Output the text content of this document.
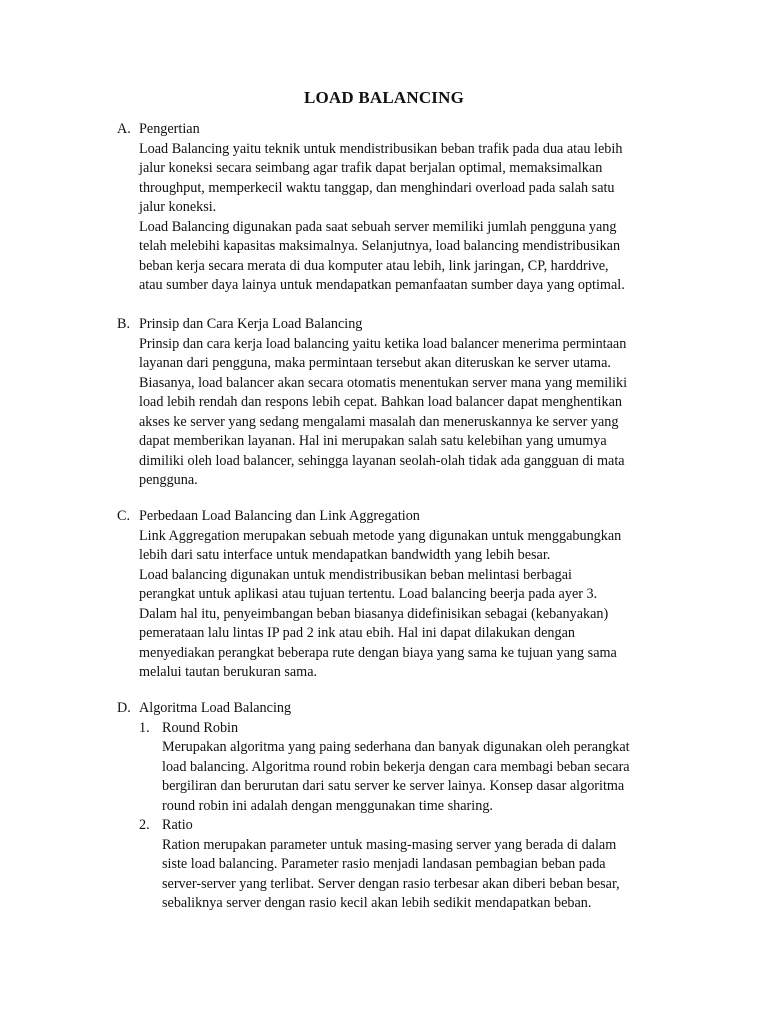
LOAD BALANCING
A. Pengertian
Load Balancing yaitu teknik untuk mendistribusikan beban trafik pada dua atau lebih
jalur koneksi secara seimbang agar trafik dapat berjalan optimal, memaksimalkan
throughput, memperkecil waktu tanggap, dan menghindari overload pada salah satu
jalur koneksi.
Load Balancing digunakan pada saat sebuah server memiliki jumlah pengguna yang
telah melebihi kapasitas maksimalnya. Selanjutnya, load balancing mendistribusikan
beban kerja secara merata di dua komputer atau lebih, link jaringan, CP, harddrive,
atau sumber daya lainya untuk mendapatkan pemanfaatan sumber daya yang optimal.
B. Prinsip dan Cara Kerja Load Balancing
Prinsip dan cara kerja load balancing yaitu ketika load balancer menerima permintaan
layanan dari pengguna, maka permintaan tersebut akan diteruskan ke server utama.
Biasanya, load balancer akan secara otomatis menentukan server mana yang memiliki
load lebih rendah dan respons lebih cepat. Bahkan load balancer dapat menghentikan
akses ke server yang sedang mengalami masalah dan meneruskannya ke server yang
dapat memberikan layanan. Hal ini merupakan salah satu kelebihan yang umumya
dimiliki oleh load balancer, sehingga layanan seolah-olah tidak ada gangguan di mata
pengguna.
C. Perbedaan Load Balancing dan Link Aggregation
Link Aggregation merupakan sebuah metode yang digunakan untuk menggabungkan
lebih dari satu interface untuk mendapatkan bandwidth yang lebih besar.
Load balancing digunakan untuk mendistribusikan beban melintasi berbagai
perangkat untuk aplikasi atau tujuan tertentu. Load balancing beerja pada ayer 3.
Dalam hal itu, penyeimbangan beban biasanya didefinisikan sebagai (kebanyakan)
pemerataan lalu lintas IP pad 2 ink atau ebih. Hal ini dapat dilakukan dengan
menyediakan perangkat beberapa rute dengan biaya yang sama ke tujuan yang sama
melalui tautan berukuran sama.
D. Algoritma Load Balancing
1. Round Robin
Merupakan algoritma yang paing sederhana dan banyak digunakan oleh perangkat
load balancing. Algoritma round robin bekerja dengan cara membagi beban secara
bergiliran dan berurutan dari satu server ke server lainya. Konsep dasar algoritma
round robin ini adalah dengan menggunakan time sharing.
2. Ratio
Ration merupakan parameter untuk masing-masing server yang berada di dalam
siste load balancing. Parameter rasio menjadi landasan pembagian beban pada
server-server yang terlibat. Server dengan rasio terbesar akan diberi beban besar,
sebaliknya server dengan rasio kecil akan lebih sedikit mendapatkan beban.
